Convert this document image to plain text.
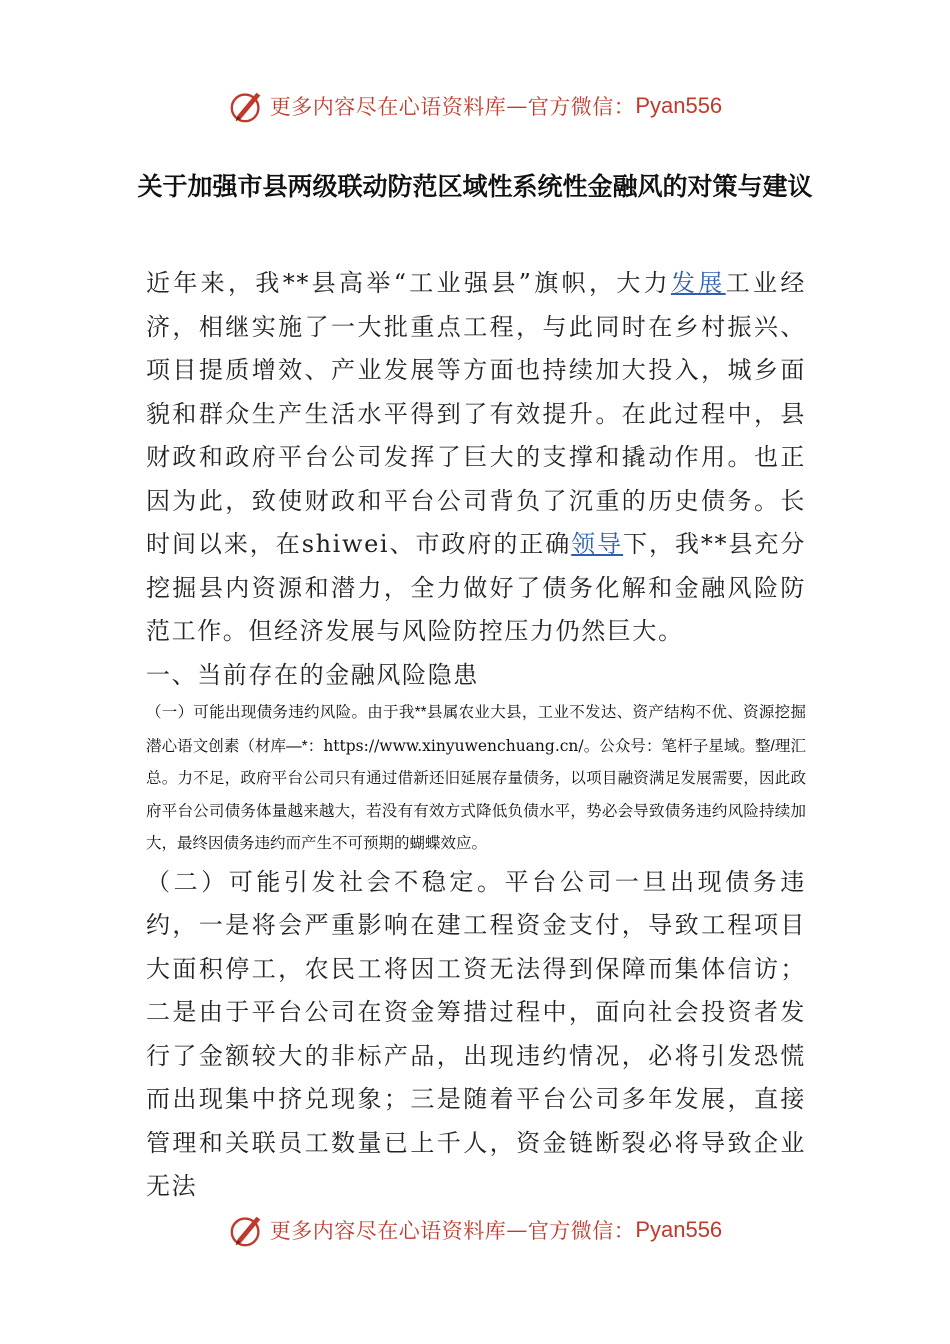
更多内容尽在心语资料库 — 官方微信： Pyan556
关于加强市县两级联动防范区域性系统性金融风的对策与建议

近年来，我**县高举“工业强县”旗帜，大力发展工业经济，相继实施了一大批重点工程，与此同时在乡村振兴、项目提质增效、产业发展等方面也持续加大投入，城乡面貌和群众生产生活水平得到了有效提升。在此过程中，县财政和政府平台公司发挥了巨大的支撑和撬动作用。也正因为此，致使财政和平台公司背负了沉重的历史债务。长时间以来，在shiwei、市政府的正确领导下，我**县充分挖掘县内资源和潜力，全力做好了债务化解和金融风险防范工作。但经济发展与风险防控压力仍然巨大。

一、当前存在的金融风险隐患

（一）可能出现债务违约风险。由于我**县属农业大县，工业不发达、资产结构不优、资源挖掘潜心语文创素（材库—*：https://www.xinyuwenchuang.cn/。公众号：笔杆子星域。整/理汇总。力不足，政府平台公司只有通过借新还旧延展存量债务，以项目融资满足发展需要，因此政府平台公司债务体量越来越大，若没有有效方式降低负债水平，势必会导致债务违约风险持续加大，最终因债务违约而产生不可预期的蝴蝶效应。

（二）可能引发社会不稳定。平台公司一旦出现债务违约，一是将会严重影响在建工程资金支付，导致工程项目大面积停工，农民工将因工资无法得到保障而集体信访；二是由于平台公司在资金筹措过程中，面向社会投资者发行了金额较大的非标产品，出现违约情况，必将引发恐慌而出现集中挤兑现象；三是随着平台公司多年发展，直接管理和关联员工数量已上千人，资金链断裂必将导致企业无法

更多内容尽在心语资料库 — 官方微信： Pyan556
